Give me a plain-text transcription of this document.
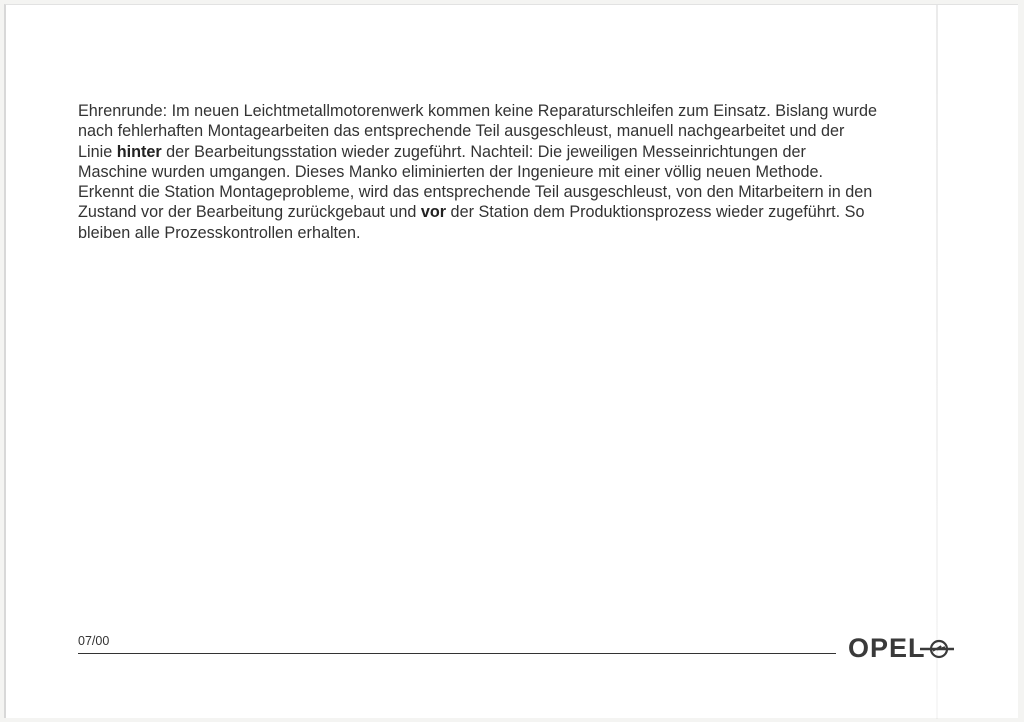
Ehrenrunde: Im neuen Leichtmetallmotorenwerk kommen keine Reparaturschleifen zum Einsatz. Bislang wurde nach fehlerhaften Montagearbeiten das entsprechende Teil ausgeschleust, manuell nachgearbeitet und der Linie hinter der Bearbeitungsstation wieder zugeführt. Nachteil: Die jeweiligen Messeinrichtungen der Maschine wurden umgangen. Dieses Manko eliminierten der Ingenieure mit einer völlig neuen Methode. Erkennt die Station Montageprobleme, wird das entsprechende Teil ausgeschleust, von den Mitarbeitern in den Zustand vor der Bearbeitung zurückgebaut und vor der Station dem Produktionsprozess wieder zugeführt. So bleiben alle Prozesskontrollen erhalten.

07/00	OPEL
